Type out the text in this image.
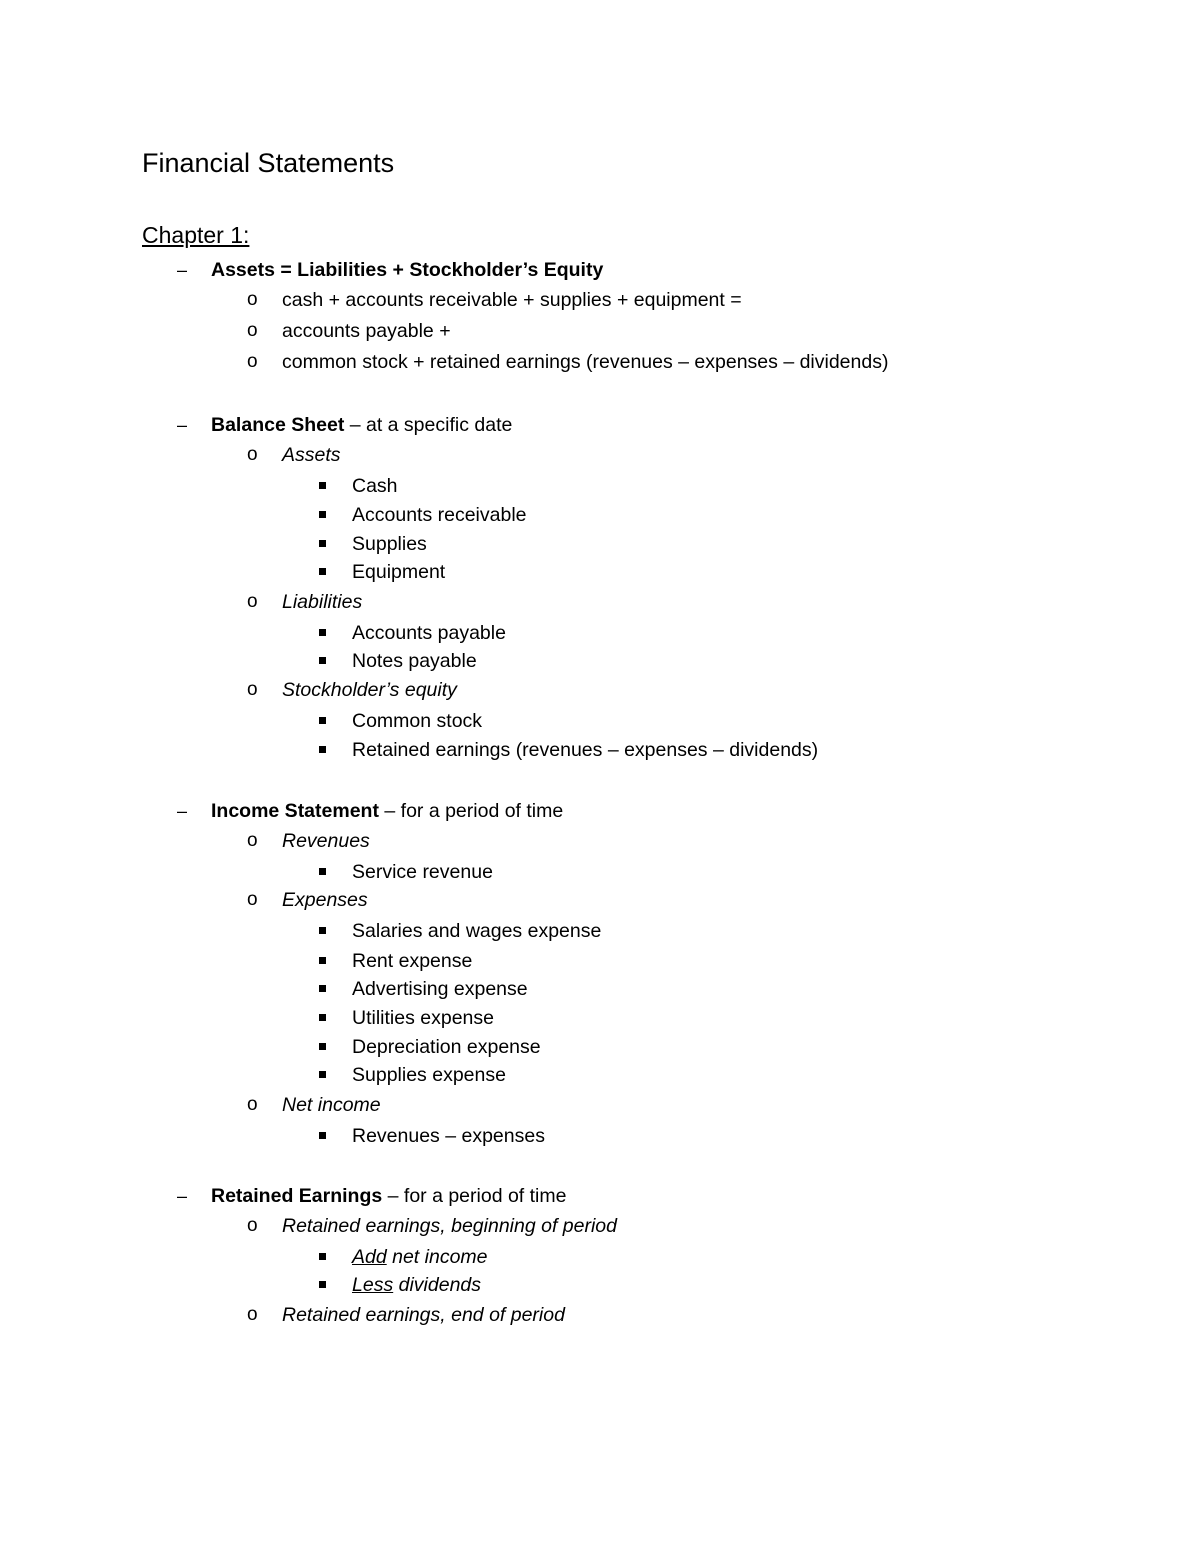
Financial Statements
Chapter 1:
– Assets = Liabilities + Stockholder’s Equity
o cash + accounts receivable + supplies + equipment =
o accounts payable +
o common stock + retained earnings (revenues – expenses – dividends)
– Balance Sheet – at a specific date
o Assets
Cash
Accounts receivable
Supplies
Equipment
o Liabilities
Accounts payable
Notes payable
o Stockholder’s equity
Common stock
Retained earnings (revenues – expenses – dividends)
– Income Statement – for a period of time
o Revenues
Service revenue
o Expenses
Salaries and wages expense
Rent expense
Advertising expense
Utilities expense
Depreciation expense
Supplies expense
o Net income
Revenues – expenses
– Retained Earnings – for a period of time
o Retained earnings, beginning of period
Add net income
Less dividends
o Retained earnings, end of period
